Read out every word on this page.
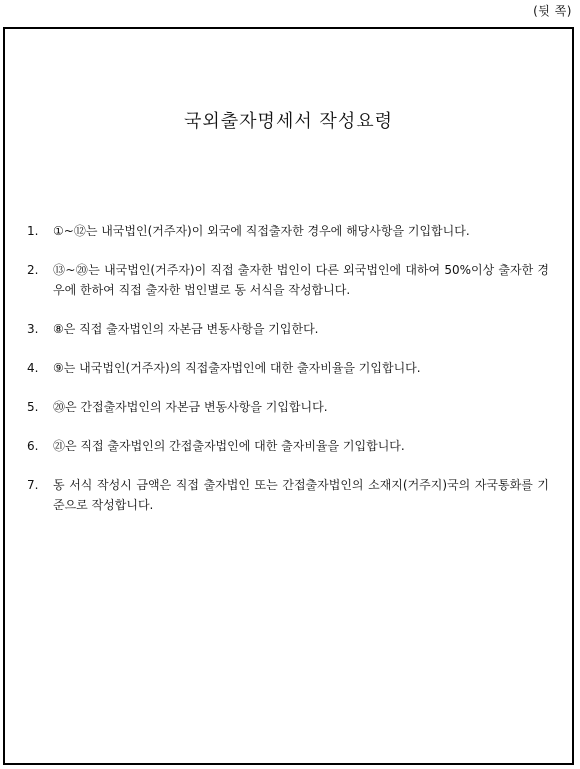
(뒷 쪽)
국외출자명세서 작성요령
1. ①~⑫는 내국법인(거주자)이 외국에 직접출자한 경우에 해당사항을 기입합니다.
2. ⑬~⑳는 내국법인(거주자)이 직접 출자한 법인이 다른 외국법인에 대하여 50%이상 출자한 경우에 한하여 직접 출자한 법인별로 동 서식을 작성합니다.
3. ⑧은 직접 출자법인의 자본금 변동사항을 기입한다.
4. ⑨는 내국법인(거주자)의 직접출자법인에 대한 출자비율을 기입합니다.
5. ⑳은 간접출자법인의 자본금 변동사항을 기입합니다.
6. ㉑은 직접 출자법인의 간접출자법인에 대한 출자비율을 기입합니다.
7. 동 서식 작성시 금액은 직접 출자법인 또는 간접출자법인의 소재지(거주지)국의 자국통화를 기준으로 작성합니다.
